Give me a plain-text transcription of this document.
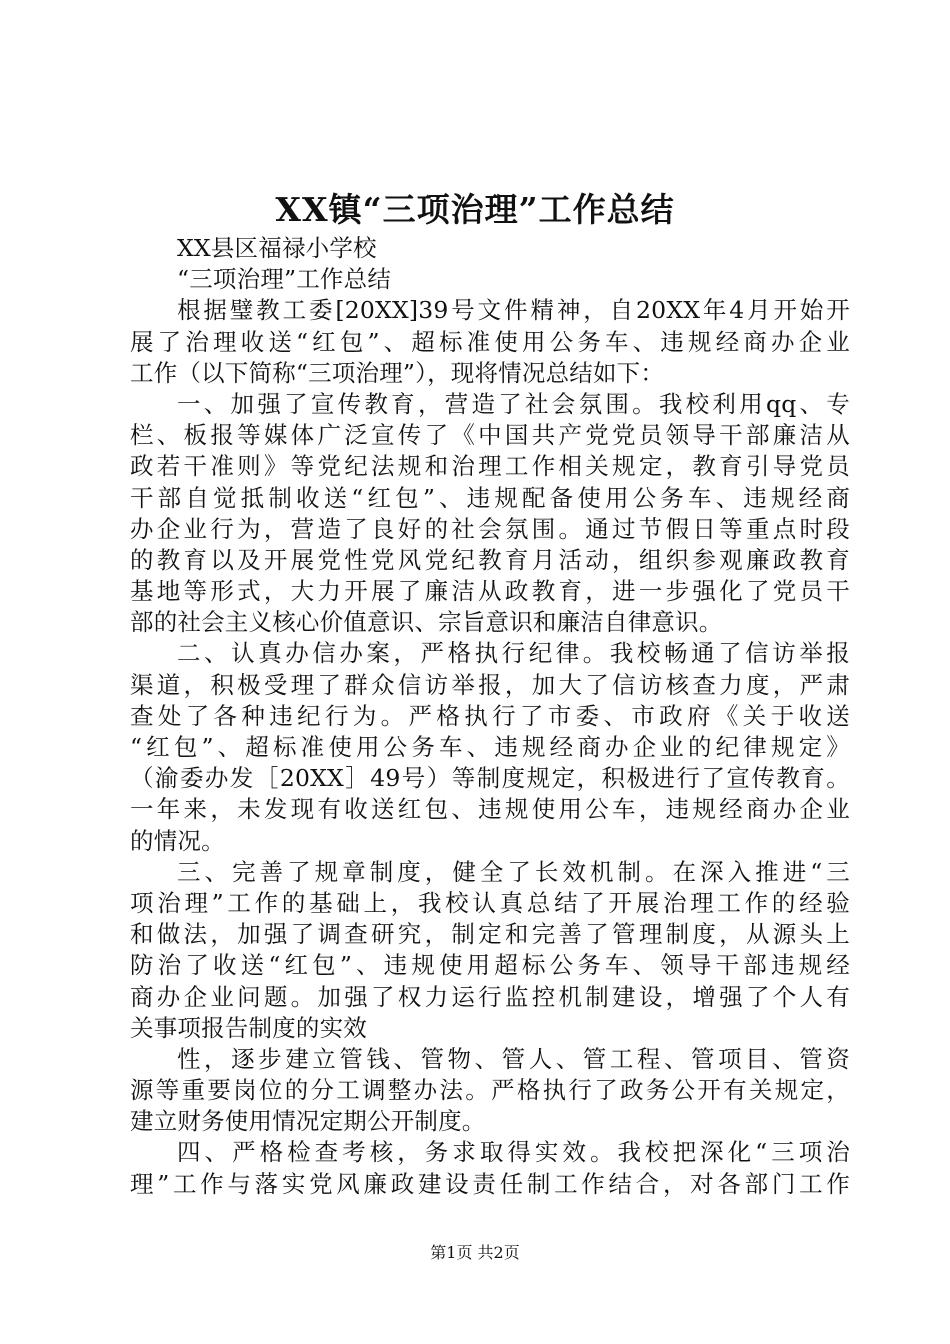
XX镇“三项治理”工作总结
XX县区福禄小学校
“三项治理”工作总结
根据璧教工委[20XX]39号文件精神，自20XX年4月开始开
展了治理收送“红包”、超标准使用公务车、违规经商办企业
工作（以下简称“三项治理”），现将情况总结如下：
一、加强了宣传教育，营造了社会氛围。我校利用qq、专
栏、板报等媒体广泛宣传了《中国共产党党员领导干部廉洁从
政若干准则》等党纪法规和治理工作相关规定，教育引导党员
干部自觉抵制收送“红包”、违规配备使用公务车、违规经商
办企业行为，营造了良好的社会氛围。通过节假日等重点时段
的教育以及开展党性党风党纪教育月活动，组织参观廉政教育
基地等形式，大力开展了廉洁从政教育，进一步强化了党员干
部的社会主义核心价值意识、宗旨意识和廉洁自律意识。
二、认真办信办案，严格执行纪律。我校畅通了信访举报
渠道，积极受理了群众信访举报，加大了信访核查力度，严肃
查处了各种违纪行为。严格执行了市委、市政府《关于收送
“红包”、超标准使用公务车、违规经商办企业的纪律规定》
（渝委办发［20XX］49号）等制度规定，积极进行了宣传教育。
一年来，未发现有收送红包、违规使用公车，违规经商办企业
的情况。
三、完善了规章制度，健全了长效机制。在深入推进“三
项治理”工作的基础上，我校认真总结了开展治理工作的经验
和做法，加强了调查研究，制定和完善了管理制度，从源头上
防治了收送“红包”、违规使用超标公务车、领导干部违规经
商办企业问题。加强了权力运行监控机制建设，增强了个人有
关事项报告制度的实效
性，逐步建立管钱、管物、管人、管工程、管项目、管资
源等重要岗位的分工调整办法。严格执行了政务公开有关规定，
建立财务使用情况定期公开制度。
四、严格检查考核，务求取得实效。我校把深化“三项治
理”工作与落实党风廉政建设责任制工作结合，对各部门工作
第1页 共2页
